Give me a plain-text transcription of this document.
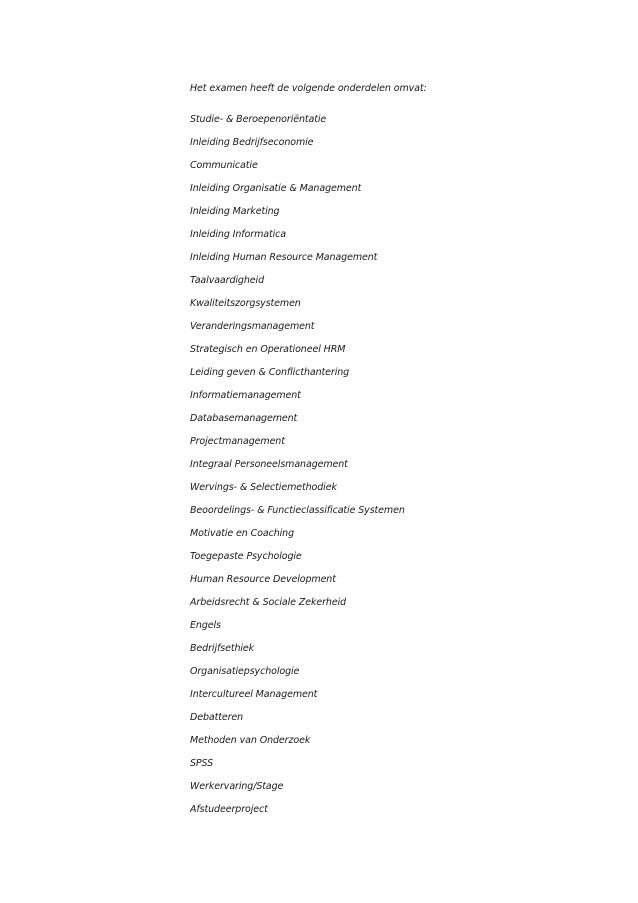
Het examen heeft de volgende onderdelen omvat:
Studie- & Beroepenoriëntatie
Inleiding Bedrijfseconomie
Communicatie
Inleiding Organisatie & Management
Inleiding Marketing
Inleiding Informatica
Inleiding Human Resource Management
Taalvaardigheid
Kwaliteitszorgsystemen
Veranderingsmanagement
Strategisch en Operationeel HRM
Leiding geven & Conflicthantering
Informatiemanagement
Databasemanagement
Projectmanagement
Integraal Personeelsmanagement
Wervings- & Selectiemethodiek
Beoordelings- & Functieclassificatie Systemen
Motivatie en Coaching
Toegepaste Psychologie
Human Resource Development
Arbeidsrecht & Sociale Zekerheid
Engels
Bedrijfsethiek
Organisatiepsychologie
Intercultureel Management
Debatteren
Methoden van Onderzoek
SPSS
Werkervaring/Stage
Afstudeerproject
